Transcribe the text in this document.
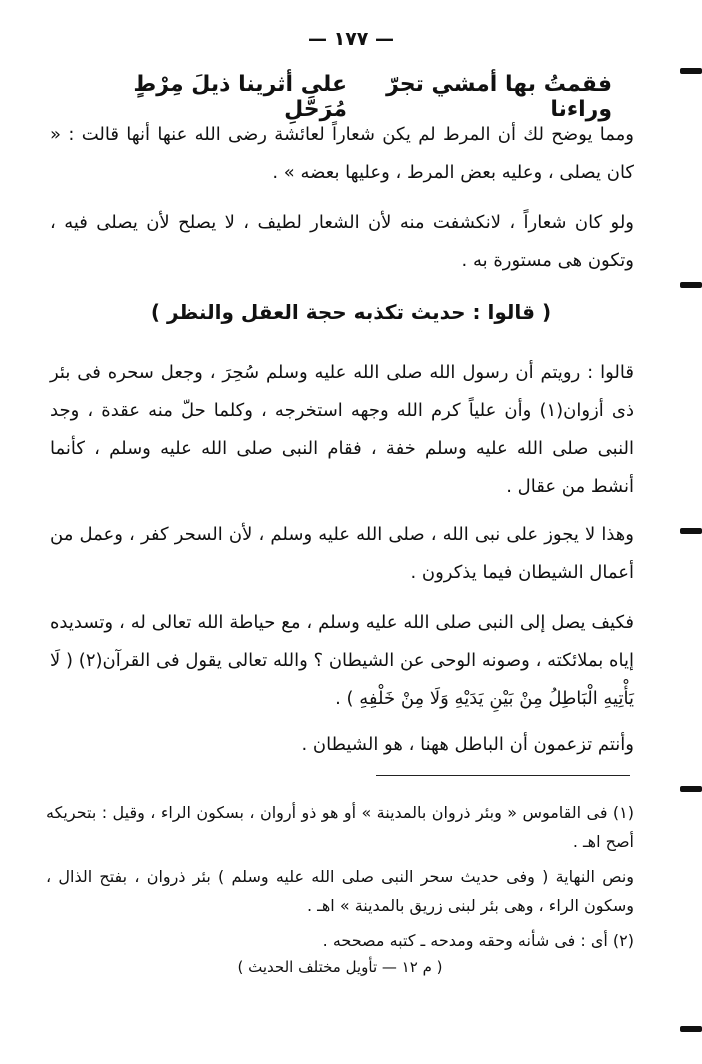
— ١٧٧ —
فقمتُ بها أمشي تجرّ وراءنا
على أثرينا ذيلَ مِرْطٍ مُرَحَّلِ

ومما يوضح لك أن المرط لم يكن شعاراً لعائشة رضى الله عنها أنها قالت : « كان يصلى ، وعليه بعض المرط ، وعليها بعضه » .

ولو كان شعاراً ، لانكشفت منه لأن الشعار لطيف ، لا يصلح لأن يصلى فيه ، وتكون هى مستورة به .

( قالوا : حديث تكذبه حجة العقل والنظر )

قالوا : رويتم أن رسول الله صلى الله عليه وسلم سُحِرَ ، وجعل سحره فى بئر ذى أزوان(١) وأن علياً كرم الله وجهه استخرجه ، وكلما حلّ منه عقدة ، وجد النبى صلى الله عليه وسلم خفة ، فقام النبى صلى الله عليه وسلم ، كأنما أنشط من عقال .

وهذا لا يجوز على نبى الله ، صلى الله عليه وسلم ، لأن السحر كفر ، وعمل من أعمال الشيطان فيما يذكرون .

فكيف يصل إلى النبى صلى الله عليه وسلم ، مع حياطة الله تعالى له ، وتسديده إياه بملائكته ، وصونه الوحى عن الشيطان ؟ والله تعالى يقول فى القرآن(٢) ( لَا يَأْتِيهِ الْبَاطِلُ مِنْ بَيْنِ يَدَيْهِ وَلَا مِنْ خَلْفِهِ ) .

وأنتم تزعمون أن الباطل ههنا ، هو الشيطان .

(١) فى القاموس « وبئر ذروان بالمدينة » أو هو ذو أروان ، بسكون الراء ، وقيل : بتحريكه أصح اهـ .

ونص النهاية ( وفى حديث سحر النبى صلى الله عليه وسلم ) بئر ذروان ، بفتح الذال ، وسكون الراء ، وهى بئر لبنى زريق بالمدينة » اهـ .

(٢) أى : فى شأنه وحقه ومدحه ـ كتبه مصححه .

( م ١٢ — تأويل مختلف الحديث )
